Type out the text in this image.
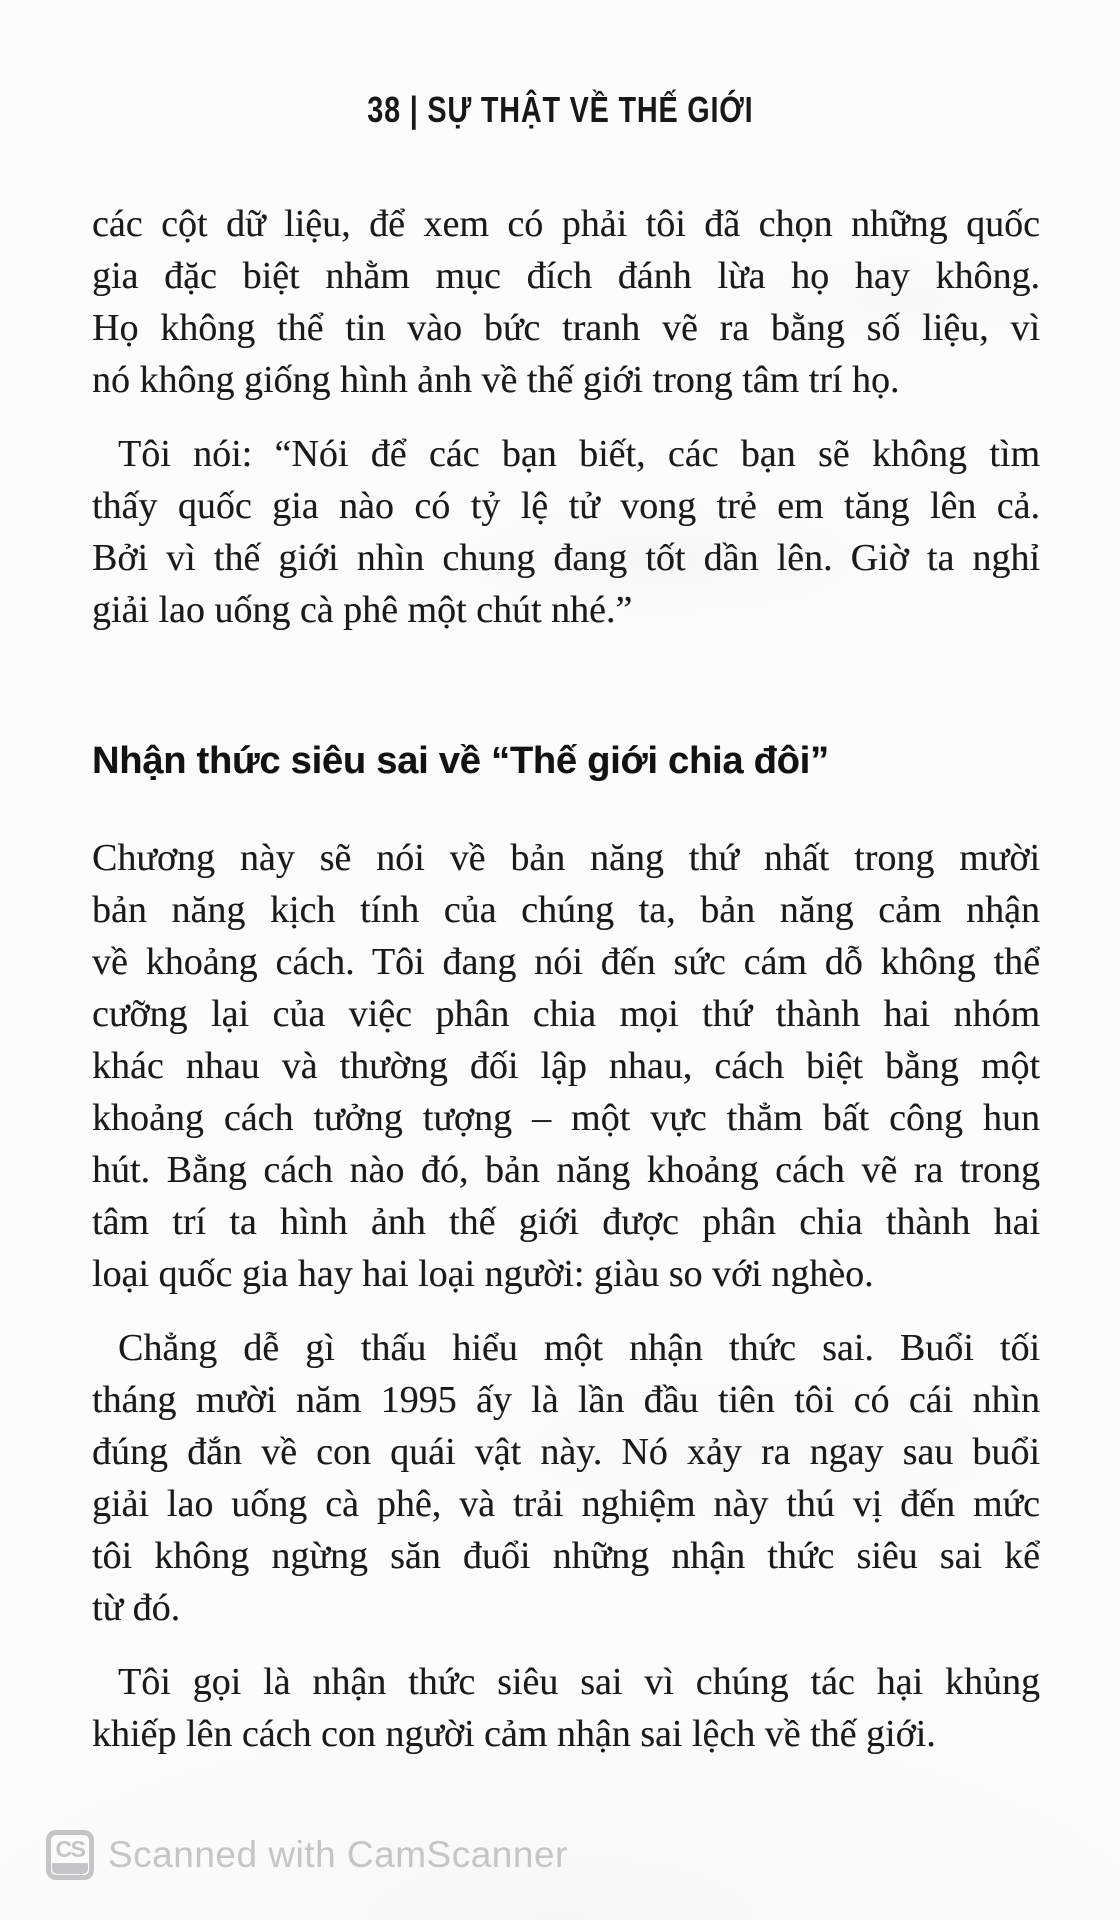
38 | SỰ THẬT VỀ THẾ GIỚI
các cột dữ liệu, để xem có phải tôi đã chọn những quốc
gia đặc biệt nhằm mục đích đánh lừa họ hay không.
Họ không thể tin vào bức tranh vẽ ra bằng số liệu, vì
nó không giống hình ảnh về thế giới trong tâm trí họ.
Tôi nói: “Nói để các bạn biết, các bạn sẽ không tìm
thấy quốc gia nào có tỷ lệ tử vong trẻ em tăng lên cả.
Bởi vì thế giới nhìn chung đang tốt dần lên. Giờ ta nghỉ
giải lao uống cà phê một chút nhé.”
Nhận thức siêu sai về “Thế giới chia đôi”
Chương này sẽ nói về bản năng thứ nhất trong mười
bản năng kịch tính của chúng ta, bản năng cảm nhận
về khoảng cách. Tôi đang nói đến sức cám dỗ không thể
cưỡng lại của việc phân chia mọi thứ thành hai nhóm
khác nhau và thường đối lập nhau, cách biệt bằng một
khoảng cách tưởng tượng – một vực thẳm bất công hun
hút. Bằng cách nào đó, bản năng khoảng cách vẽ ra trong
tâm trí ta hình ảnh thế giới được phân chia thành hai
loại quốc gia hay hai loại người: giàu so với nghèo.
Chẳng dễ gì thấu hiểu một nhận thức sai. Buổi tối
tháng mười năm 1995 ấy là lần đầu tiên tôi có cái nhìn
đúng đắn về con quái vật này. Nó xảy ra ngay sau buổi
giải lao uống cà phê, và trải nghiệm này thú vị đến mức
tôi không ngừng săn đuổi những nhận thức siêu sai kể
từ đó.
Tôi gọi là nhận thức siêu sai vì chúng tác hại khủng
khiếp lên cách con người cảm nhận sai lệch về thế giới.
CS Scanned with CamScanner
